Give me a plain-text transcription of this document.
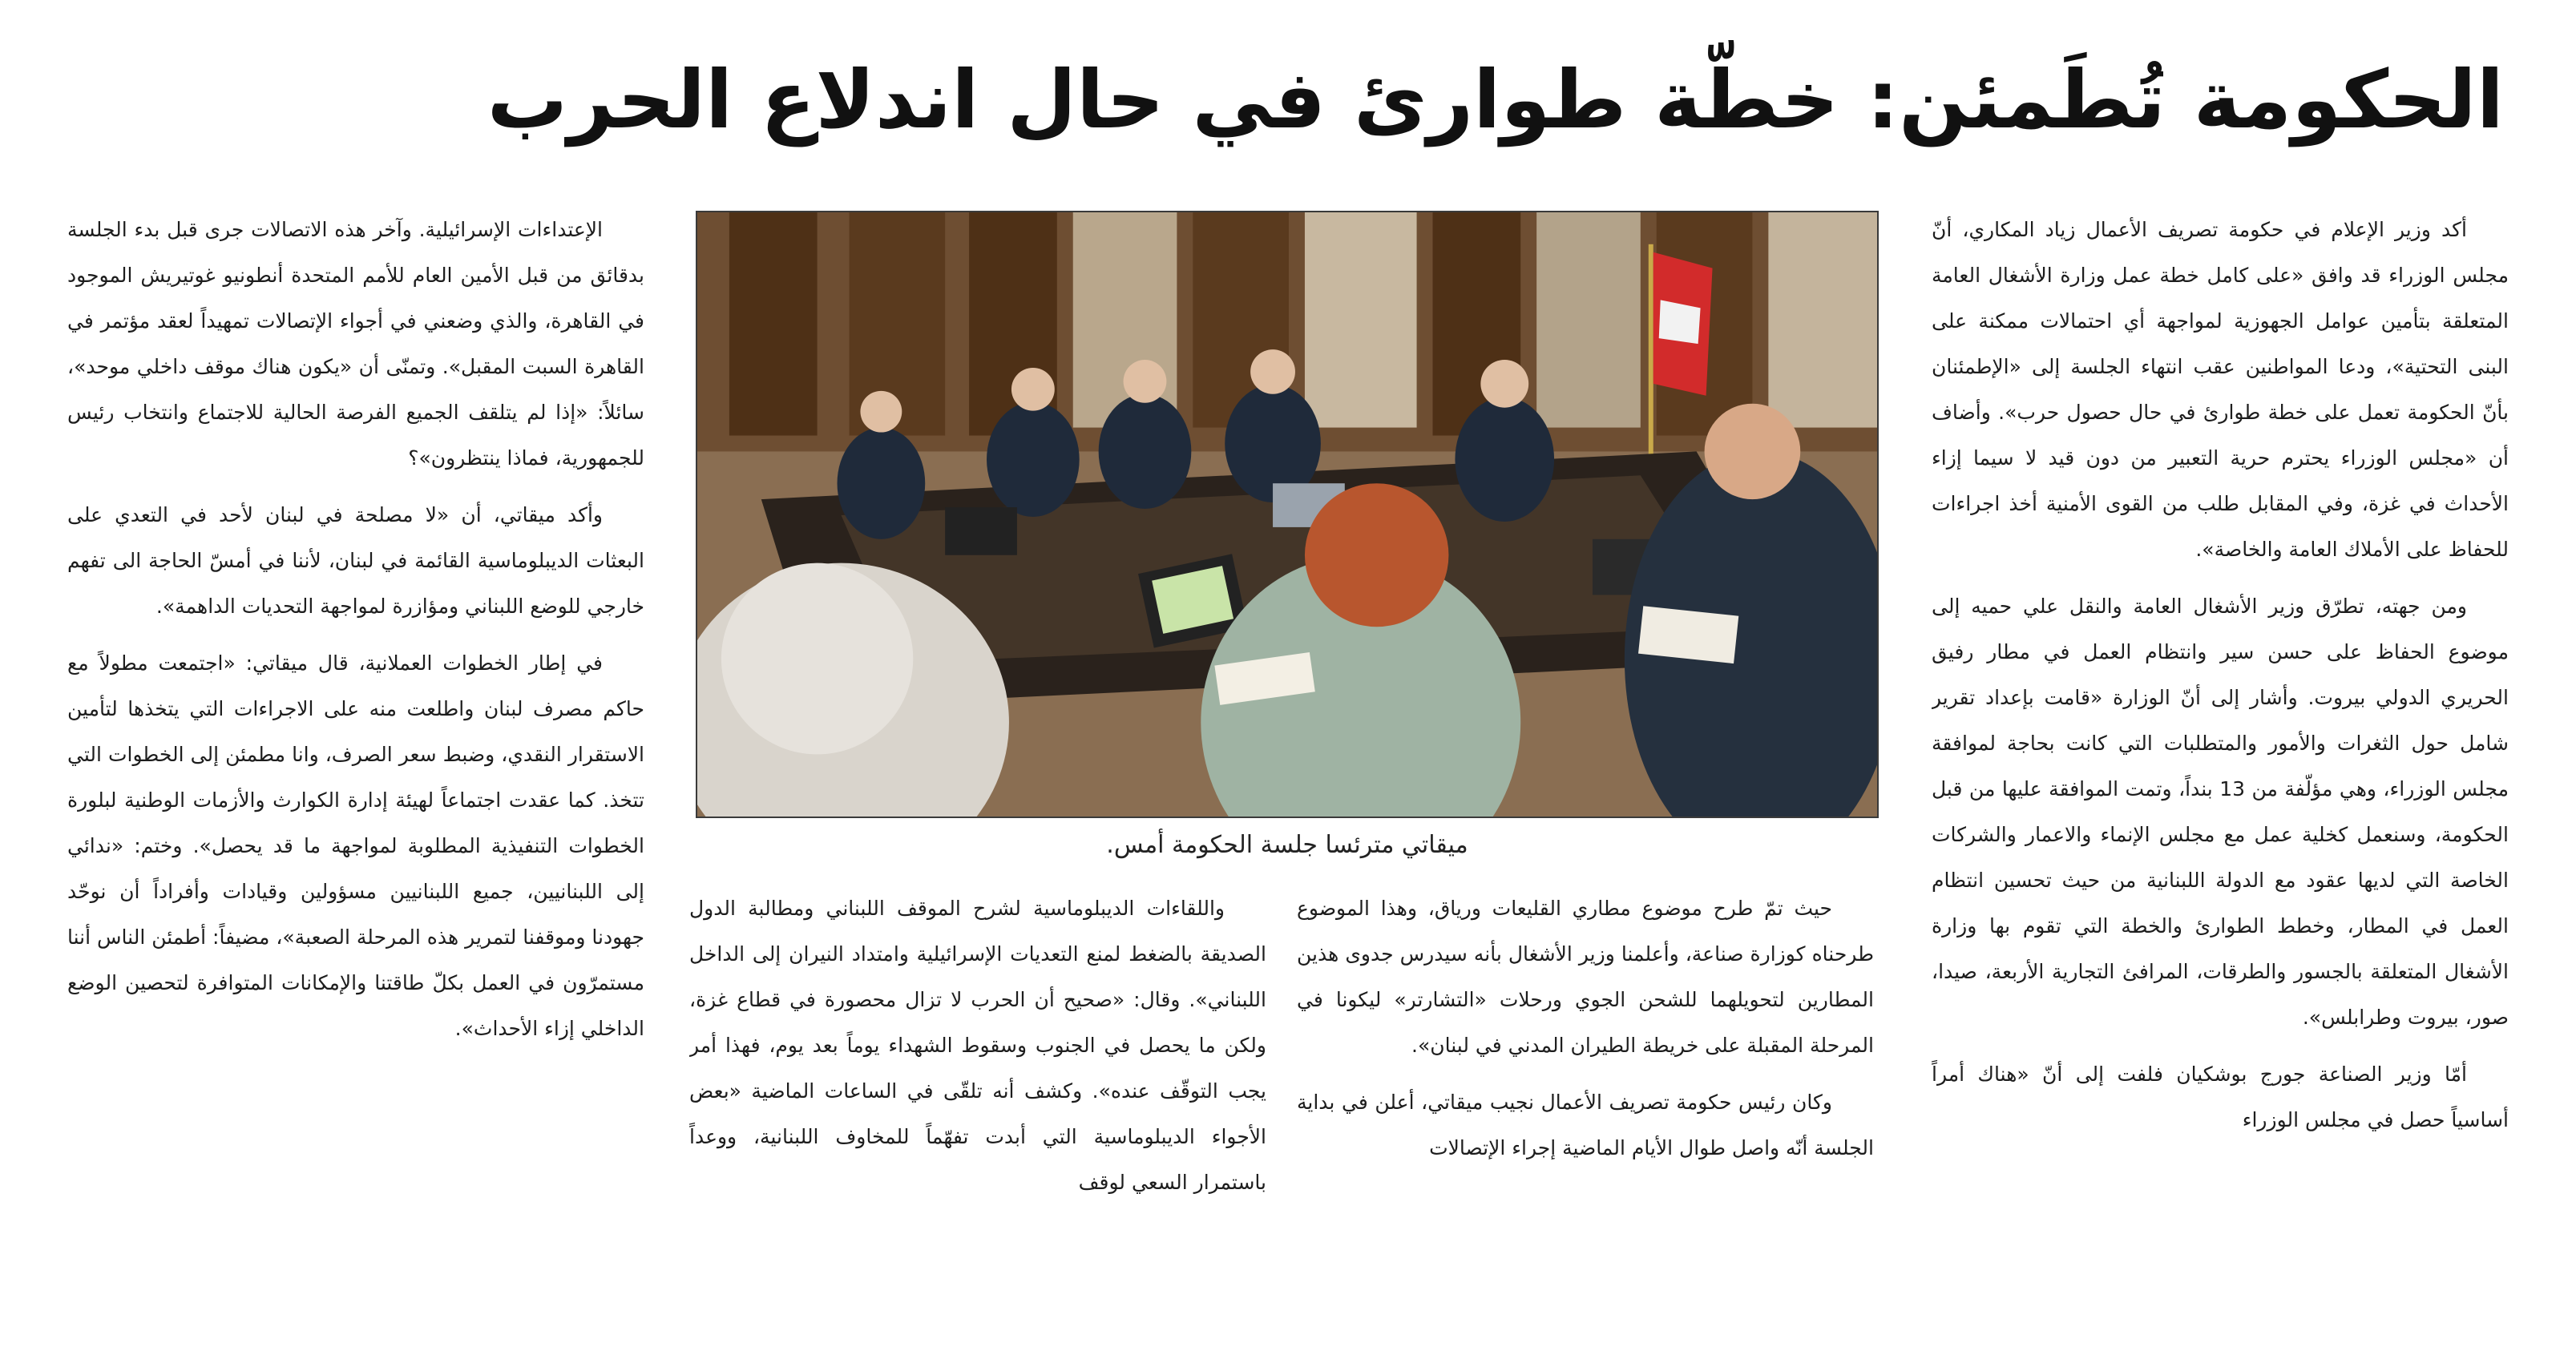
الحكومة تُطَمئن: خطّة طوارئ في حال اندلاع الحرب

أكد وزير الإعلام في حكومة تصريف الأعمال زياد المكاري، أنّ مجلس الوزراء قد وافق «على كامل خطة عمل وزارة الأشغال العامة المتعلقة بتأمين عوامل الجهوزية لمواجهة أي احتمالات ممكنة على البنى التحتية»، ودعا المواطنين عقب انتهاء الجلسة إلى «الإطمئنان بأنّ الحكومة تعمل على خطة طوارئ في حال حصول حرب». وأضاف أن «مجلس الوزراء يحترم حرية التعبير من دون قيد لا سيما إزاء الأحداث في غزة، وفي المقابل طلب من القوى الأمنية أخذ اجراءات للحفاظ على الأملاك العامة والخاصة».

ومن جهته، تطرّق وزير الأشغال العامة والنقل علي حميه إلى موضوع الحفاظ على حسن سير وانتظام العمل في مطار رفيق الحريري الدولي بيروت. وأشار إلى أنّ الوزارة «قامت بإعداد تقرير شامل حول الثغرات والأمور والمتطلبات التي كانت بحاجة لموافقة مجلس الوزراء، وهي مؤلّفة من 13 بنداً، وتمت الموافقة عليها من قبل الحكومة، وسنعمل كخلية عمل مع مجلس الإنماء والاعمار والشركات الخاصة التي لديها عقود مع الدولة اللبنانية من حيث تحسين انتظام العمل في المطار، وخطط الطوارئ والخطة التي تقوم بها وزارة الأشغال المتعلقة بالجسور والطرقات، المرافئ التجارية الأربعة، صيدا، صور، بيروت وطرابلس».

أمّا وزير الصناعة جورج بوشكيان فلفت إلى أنّ «هناك أمراً أساسياً حصل في مجلس الوزراء

ميقاتي مترئسا جلسة الحكومة أمس.

حيث تمّ طرح موضوع مطاري القليعات ورياق، وهذا الموضوع طرحناه كوزارة صناعة، وأعلمنا وزير الأشغال بأنه سيدرس جدوى هذين المطارين لتحويلهما للشحن الجوي ورحلات «التشارتر» ليكونا في المرحلة المقبلة على خريطة الطيران المدني في لبنان».

وكان رئيس حكومة تصريف الأعمال نجيب ميقاتي، أعلن في بداية الجلسة أنّه واصل طوال الأيام الماضية إجراء الإتصالات

واللقاءات الديبلوماسية لشرح الموقف اللبناني ومطالبة الدول الصديقة بالضغط لمنع التعديات الإسرائيلية وامتداد النيران إلى الداخل اللبناني». وقال: «صحيح أن الحرب لا تزال محصورة في قطاع غزة، ولكن ما يحصل في الجنوب وسقوط الشهداء يوماً بعد يوم، فهذا أمر يجب التوقّف عنده». وكشف أنه تلقّى في الساعات الماضية «بعض الأجواء الديبلوماسية التي أبدت تفهّماً للمخاوف اللبنانية، ووعداً باستمرار السعي لوقف

الإعتداءات الإسرائيلية. وآخر هذه الاتصالات جرى قبل بدء الجلسة بدقائق من قبل الأمين العام للأمم المتحدة أنطونيو غوتيريش الموجود في القاهرة، والذي وضعني في أجواء الإتصالات تمهيداً لعقد مؤتمر في القاهرة السبت المقبل». وتمنّى أن «يكون هناك موقف داخلي موحد»، سائلاً: «إذا لم يتلقف الجميع الفرصة الحالية للاجتماع وانتخاب رئيس للجمهورية، فماذا ينتظرون»؟

وأكد ميقاتي، أن «لا مصلحة في لبنان لأحد في التعدي على البعثات الديبلوماسية القائمة في لبنان، لأننا في أمسّ الحاجة الى تفهم خارجي للوضع اللبناني ومؤازرة لمواجهة التحديات الداهمة».

في إطار الخطوات العملانية، قال ميقاتي: «اجتمعت مطولاً مع حاكم مصرف لبنان واطلعت منه على الاجراءات التي يتخذها لتأمين الاستقرار النقدي، وضبط سعر الصرف، وانا مطمئن إلى الخطوات التي تتخذ. كما عقدت اجتماعاً لهيئة إدارة الكوارث والأزمات الوطنية لبلورة الخطوات التنفيذية المطلوبة لمواجهة ما قد يحصل». وختم: «ندائي إلى اللبنانيين، جميع اللبنانيين مسؤولين وقيادات وأفراداً أن نوحّد جهودنا وموقفنا لتمرير هذه المرحلة الصعبة»، مضيفاً: أطمئن الناس أننا مستمرّون في العمل بكلّ طاقتنا والإمكانات المتوافرة لتحصين الوضع الداخلي إزاء الأحداث».
